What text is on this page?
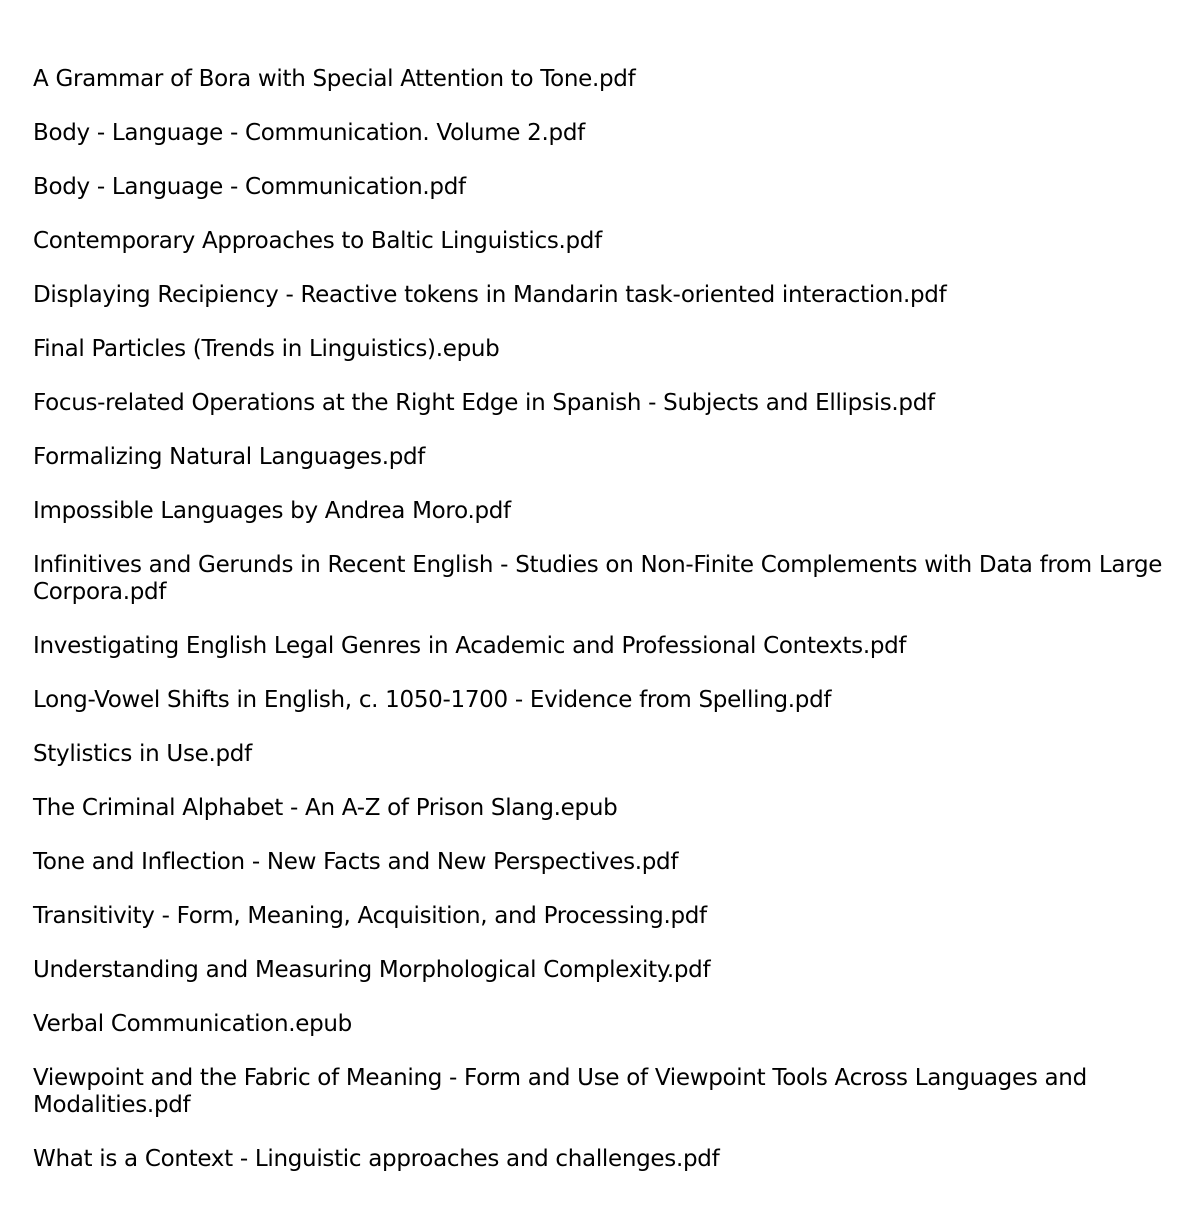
A Grammar of Bora with Special Attention to Tone.pdf
Body - Language - Communication. Volume 2.pdf
Body - Language - Communication.pdf
Contemporary Approaches to Baltic Linguistics.pdf
Displaying Recipiency - Reactive tokens in Mandarin task-oriented interaction.pdf
Final Particles (Trends in Linguistics).epub
Focus-related Operations at the Right Edge in Spanish - Subjects and Ellipsis.pdf
Formalizing Natural Languages.pdf
Impossible Languages by Andrea Moro.pdf
Infinitives and Gerunds in Recent English - Studies on Non-Finite Complements with Data from Large Corpora.pdf
Investigating English Legal Genres in Academic and Professional Contexts.pdf
Long-Vowel Shifts in English, c. 1050-1700 - Evidence from Spelling.pdf
Stylistics in Use.pdf
The Criminal Alphabet - An A-Z of Prison Slang.epub
Tone and Inflection - New Facts and New Perspectives.pdf
Transitivity - Form, Meaning, Acquisition, and Processing.pdf
Understanding and Measuring Morphological Complexity.pdf
Verbal Communication.epub
Viewpoint and the Fabric of Meaning - Form and Use of Viewpoint Tools Across Languages and Modalities.pdf
What is a Context - Linguistic approaches and challenges.pdf
